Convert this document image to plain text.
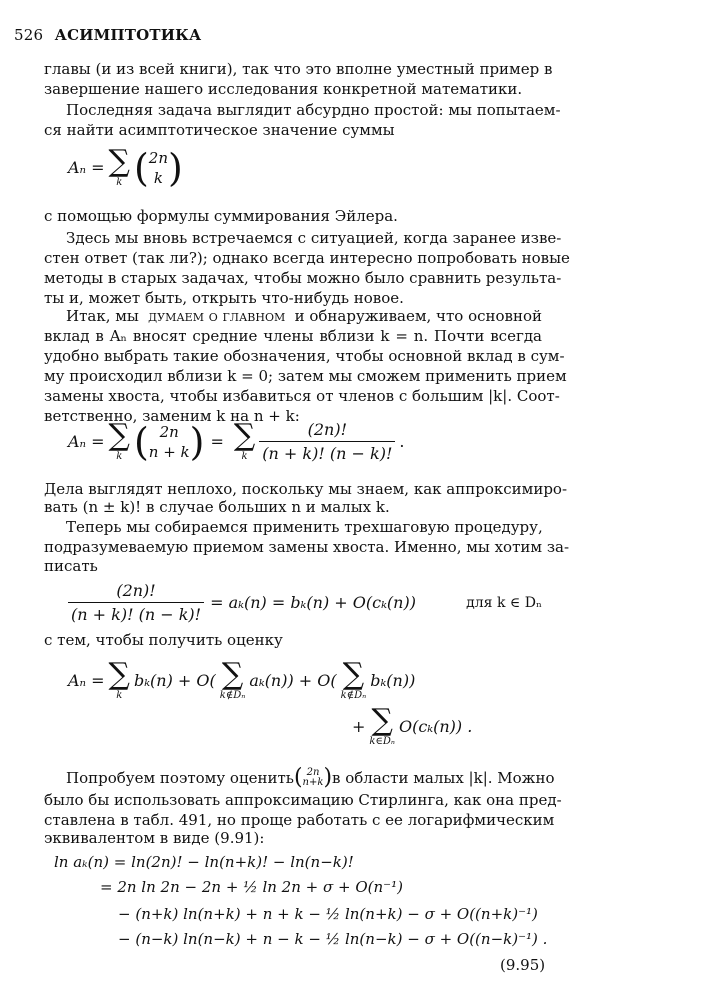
526 АСИМПТОТИКА
главы (и из всей книги), так что это вполне уместный пример в
завершение нашего исследования конкретной математики.
Последняя задача выглядит абсурдно простой: мы попытаем-
ся найти асимптотическое значение суммы
Aₙ = ∑
k ( 2n
k )
с помощью формулы суммирования Эйлера.
Здесь мы вновь встречаемся с ситуацией, когда заранее изве-
стен ответ (так ли?); однако всегда интересно попробовать новые
методы в старых задачах, чтобы можно было сравнить результа-
ты и, может быть, открыть что-нибудь новое.
Итак, мы думаем о главном и обнаруживаем, что основной
вклад в Aₙ вносят средние члены вблизи k = n. Почти всегда
удобно выбрать такие обозначения, чтобы основной вклад в сум-
му происходил вблизи k = 0; затем мы сможем применить прием
замены хвоста, чтобы избавиться от членов с большим |k|. Соот-
ветственно, заменим k на n + k:
Aₙ = ∑
k ( 2n
n + k ) = ∑
k $\frac{(2n)!}{(n + k)! (n - k)!}$ .
Дела выглядят неплохо, поскольку мы знаем, как аппроксимиро-
вать (n ± k)! в случае больших n и малых k.
Теперь мы собираемся применить трехшаговую процедуру,
подразумеваемую приемом замены хвоста. Именно, мы хотим за-
писать
$\frac{(2n)!}{(n + k)! (n - k)!} = a_k(n) = b_k(n) + O(c_k(n))$	для k ∈ Dₙ
с тем, чтобы получить оценку
Aₙ = ∑
k
bₖ(n) + O( ∑
k∉Dₙ
aₖ(n)) + O( ∑
k∉Dₙ
bₖ(n))
+ ∑
k∈Dₙ
O(cₖ(n)) .
Попробуем поэтому оценить ( 2n
n+k ) в области малых |k|. Можно
было бы использовать аппроксимацию Стирлинга, как она пред-
ставлена в табл. 491, но проще работать с ее логарифмическим
эквивалентом в виде (9.91):
ln aₖ(n) = ln(2n)! − ln(n+k)! − ln(n−k)!
= 2n ln 2n − 2n + ½ ln 2n + σ + O(n⁻¹)
− (n+k) ln(n+k) + n + k − ½ ln(n+k) − σ + O((n+k)⁻¹)
− (n−k) ln(n−k) + n − k − ½ ln(n−k) − σ + O((n−k)⁻¹) .
(9.95)
